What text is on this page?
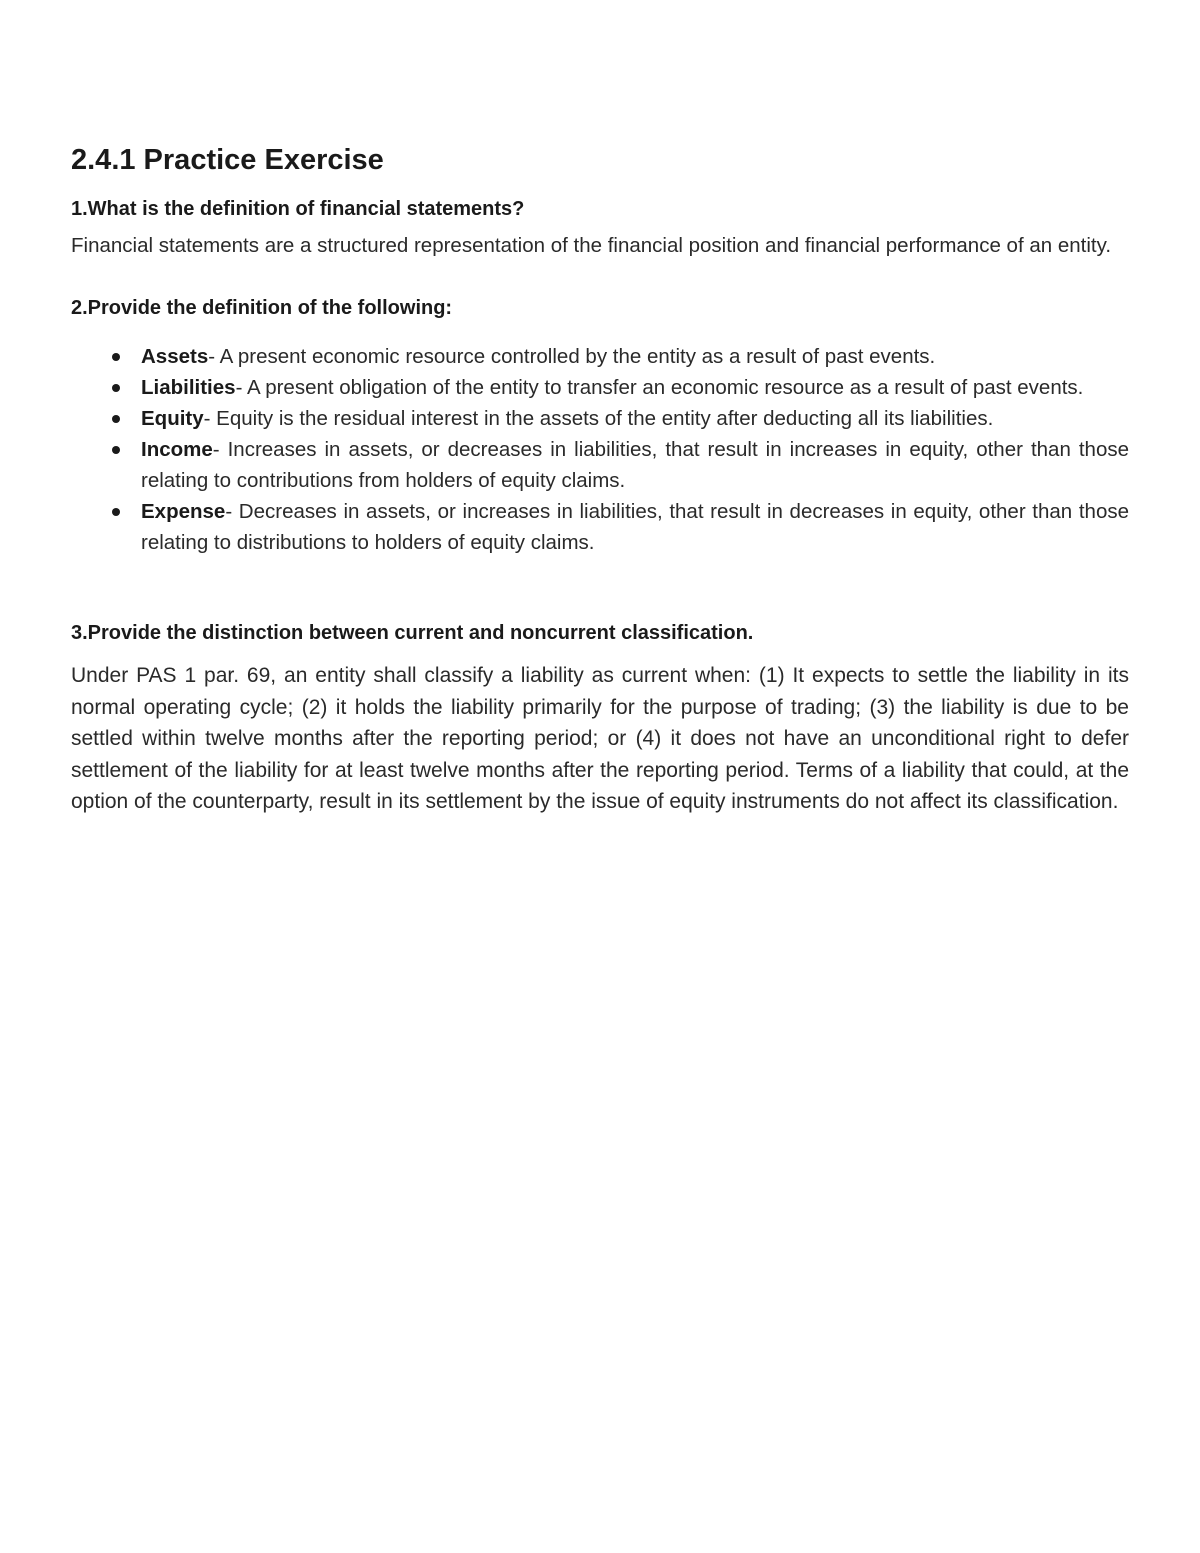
2.4.1 Practice Exercise

1.What is the definition of financial statements?

Financial statements are a structured representation of the financial position and financial performance of an entity.

2.Provide the definition of the following:

Assets- A present economic resource controlled by the entity as a result of past events.
Liabilities- A present obligation of the entity to transfer an economic resource as a result of past events.
Equity- Equity is the residual interest in the assets of the entity after deducting all its liabilities.
Income- Increases in assets, or decreases in liabilities, that result in increases in equity, other than those relating to contributions from holders of equity claims.
Expense- Decreases in assets, or increases in liabilities, that result in decreases in equity, other than those relating to distributions to holders of equity claims.

3.Provide the distinction between current and noncurrent classification.

Under PAS 1 par. 69, an entity shall classify a liability as current when: (1) It expects to settle the liability in its normal operating cycle; (2) it holds the liability primarily for the purpose of trading; (3) the liability is due to be settled within twelve months after the reporting period; or (4) it does not have an unconditional right to defer settlement of the liability for at least twelve months after the reporting period. Terms of a liability that could, at the option of the counterparty, result in its settlement by the issue of equity instruments do not affect its classification.
